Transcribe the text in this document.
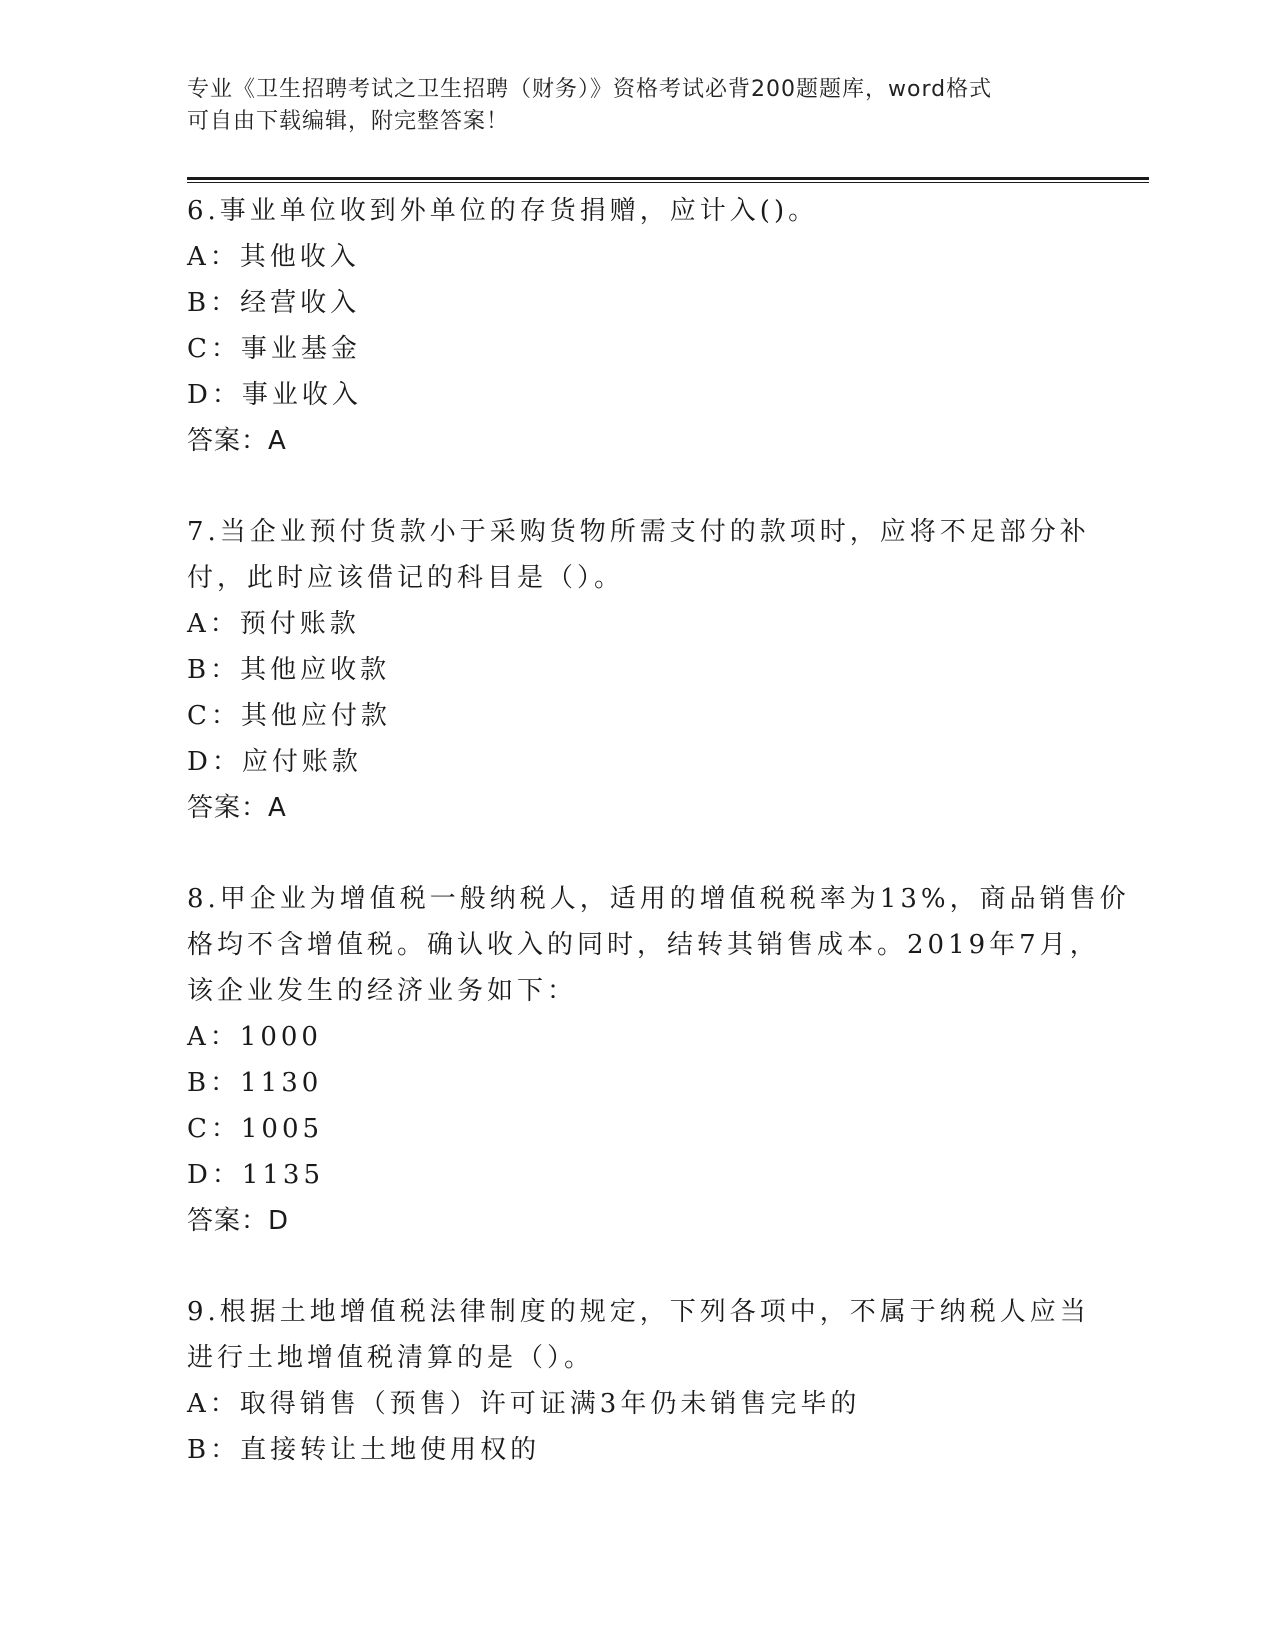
专业《卫生招聘考试之卫生招聘（财务）》资格考试必背200题题库，word格式
可自由下载编辑，附完整答案！
6.事业单位收到外单位的存货捐赠，应计入()。
A：其他收入
B：经营收入
C：事业基金
D：事业收入
答案：A
7.当企业预付货款小于采购货物所需支付的款项时，应将不足部分补
付，此时应该借记的科目是（）。
A：预付账款
B：其他应收款
C：其他应付款
D：应付账款
答案：A
8.甲企业为增值税一般纳税人，适用的增值税税率为13%，商品销售价
格均不含增值税。确认收入的同时，结转其销售成本。2019年7月，
该企业发生的经济业务如下：
A：1000
B：1130
C：1005
D：1135
答案：D
9.根据土地增值税法律制度的规定，下列各项中，不属于纳税人应当
进行土地增值税清算的是（）。
A：取得销售（预售）许可证满3年仍未销售完毕的
B：直接转让土地使用权的
